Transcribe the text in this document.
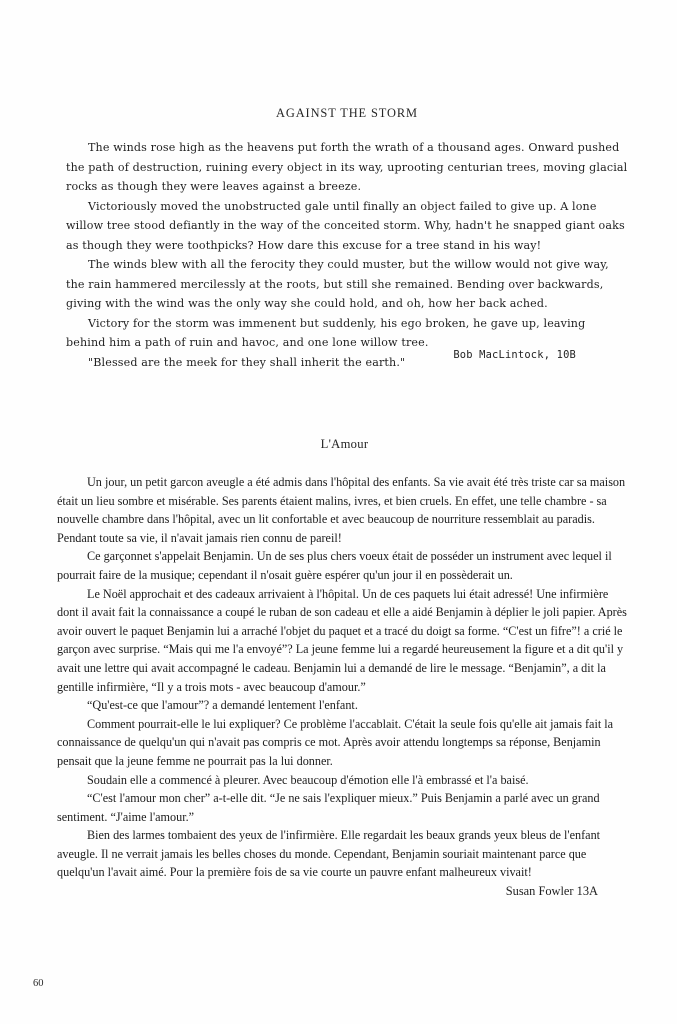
AGAINST THE STORM

The winds rose high as the heavens put forth the wrath of a thousand ages. Onward pushed the path of destruction, ruining every object in its way, uprooting centurian trees, moving glacial rocks as though they were leaves against a breeze.

Victoriously moved the unobstructed gale until finally an object failed to give up. A lone willow tree stood defiantly in the way of the conceited storm. Why, hadn't he snapped giant oaks as though they were toothpicks? How dare this excuse for a tree stand in his way!

The winds blew with all the ferocity they could muster, but the willow would not give way, the rain hammered mercilessly at the roots, but still she remained. Bending over backwards, giving with the wind was the only way she could hold, and oh, how her back ached.

Victory for the storm was immenent but suddenly, his ego broken, he gave up, leaving behind him a path of ruin and havoc, and one lone willow tree.

"Blessed are the meek for they shall inherit the earth."

Bob MacLintock, 10B
L'Amour

Un jour, un petit garcon aveugle a été admis dans l'hôpital des enfants. Sa vie avait été très triste car sa maison était un lieu sombre et misérable. Ses parents étaient malins, ivres, et bien cruels. En effet, une telle chambre - sa nouvelle chambre dans l'hôpital, avec un lit confortable et avec beaucoup de nourriture ressemblait au paradis. Pendant toute sa vie, il n'avait jamais rien connu de pareil!

Ce garçonnet s'appelait Benjamin. Un de ses plus chers voeux était de posséder un instrument avec lequel il pourrait faire de la musique; cependant il n'osait guère espérer qu'un jour il en possèderait un.

Le Noël approchait et des cadeaux arrivaient à l'hôpital. Un de ces paquets lui était adressé! Une infirmière dont il avait fait la connaissance a coupé le ruban de son cadeau et elle a aidé Benjamin à déplier le joli papier. Après avoir ouvert le paquet Benjamin lui a arraché l'objet du paquet et a tracé du doigt sa forme. “C'est un fifre”! a crié le garçon avec surprise. “Mais qui me l'a envoyé”? La jeune femme lui a regardé heureusement la figure et a dit qu'il y avait une lettre qui avait accompagné le cadeau. Benjamin lui a demandé de lire le message. “Benjamin”, a dit la gentille infirmière, “Il y a trois mots - avec beaucoup d'amour.”

“Qu'est-ce que l'amour”? a demandé lentement l'enfant.

Comment pourrait-elle le lui expliquer? Ce problème l'accablait. C'était la seule fois qu'elle ait jamais fait la connaissance de quelqu'un qui n'avait pas compris ce mot. Après avoir attendu longtemps sa réponse, Benjamin pensait que la jeune femme ne pourrait pas la lui donner.

Soudain elle a commencé à pleurer. Avec beaucoup d'émotion elle l'à embrassé et l'a baisé.

“C'est l'amour mon cher” a-t-elle dit. “Je ne sais l'expliquer mieux.” Puis Benjamin a parlé avec un grand sentiment. “J'aime l'amour.”

Bien des larmes tombaient des yeux de l'infirmière. Elle regardait les beaux grands yeux bleus de l'enfant aveugle. Il ne verrait jamais les belles choses du monde. Cependant, Benjamin souriait maintenant parce que quelqu'un l'avait aimé. Pour la première fois de sa vie courte un pauvre enfant malheureux vivait!

Susan Fowler 13A
60
